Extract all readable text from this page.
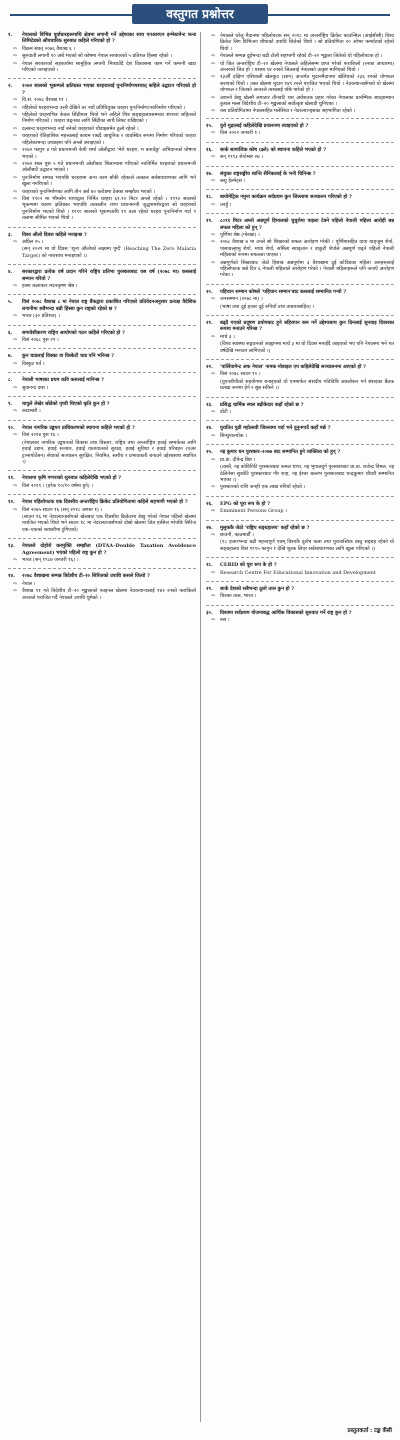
वस्तुगत प्रश्नोत्तर
१.	नेपालको विभिन्न पूर्वाधारहरूमाथि क्षेत्रमा लगानी गर्ने उद्देश्यका साथ एनआरएन इन्भेस्टमेन्ट फन्ड लिमिटेडको औपचारिक सुरुवात कहिले गरिएको हो ?
⇨	विक्रम संवत् २०७६ वैशाख ६ ।
⇨	सुरुवाती लगानी १० अर्ब भएको सो कोषमा नेपाल सरकारको ५ प्रतिशत हिस्सा रहेको ।
⇨	नेपाल सरकारको सहकार्यमा सामुहिक लगानी भित्र्याउँदै देश विकासमा काम गर्ने कम्पनी खडा गरिएको जनाइएको ।
२.	२०७२ सालको भूकम्पले क्षतिग्रस्त भएका धरहरालाई पुनःनिर्माणपश्चात् कहिले उद्घाटन गरिएको हो ?
⇨	वि.सं. २०७८ वैशाख ११ ।
⇨	पहिलेको धरहराभन्दा उत्तरै देखिने तर नयाँ प्रविधियुक्त धरहरा पुनःनिर्माण/नवनिर्माण गरिएको ।
⇨	पहिलेको धरहराभित्र केवल सिँढीमात्र थियो भने अहिले भित्र सङ्ग्रहालयसम्मका संरचना सहितको निर्माण गरिएको । धरहरा चढ्नका लागि सिँढीका साथै लिफ्ट राखिएको ।
⇨	दलबन्द धरहराभन्दा नयाँ बनेको धरहराको चौडाइसमेत ठूलो रहेको ।
⇨	धरहराको ऐतिहासिक महत्त्वलाई कायम राख्दै आधुनिक र व्यवस्थित रूपमा निर्माण गरिएको धरहरा पहिलेकाभन्दा उच्चाइमा पनि अग्लो बनाइएको ।
⇨	२०७२ फागुन ४ गते प्रधानमन्त्री केपी शर्मा ओलीद्वारा 'मेरो धरहरा, म बनाउँछु' अभियानको घोषणा भएको ।
⇨	२०७२ साल पुस ५ गते प्रधानमन्त्री ओलीबाट शिलान्यास गरिएको नवनिर्मित धरहराको प्रधानमन्त्री ओलीबाटै उद्घाटन भएको ।
⇨	पुनःनिर्माण सम्पन्न भएपछि धरहरामा अन्य काम बाँकी रहेकाले तत्काल सर्वसाधारणका लागि भने खुला नगरिएको ।
⇨	धरहराको पुनःनिर्माणका लागि तीन अर्ब ४० करोडमा ठेक्का सम्झौता भएको ।
⇨	विसं १९०२ मा भीमसेन थापाद्वारा निर्मित धरहरा ६१.९० मिटर अग्लो रहेको । १९९० सालको भूकम्पमा कारण क्षतिग्रस्त भएपछि तत्कालीन राणा प्रधानमन्त्री जुद्धशमशेरद्वारा सो धरहराको पुनःनिर्माण भएको थियो । १९९० सालको भूकम्पअघि ११ तला रहेको धरहरा पुनःनिर्माण गर्दा ९ तलामा सीमित भएको थियो ।
३.	विश्व औलो दिवस कहिले मनाइन्छ ?
⇨	अप्रिल २५ ।
(सन् २०२१ मा यो दिवस 'शून्य औलोको लक्ष्यमा पुग्दै' (Reaching The Zero Malaria Target) को नारासाथ मनाइएको ।)
४.	सरकारद्वारा प्रत्येक वर्ष प्रदान गरिने राष्ट्रिय प्रतिभा पुरस्कारबाट यस वर्ष (२०७८ मा) कसलाई सम्मान गरियो ?
⇨	हास्य कलाकार मदनकृष्ण श्रेष्ठ ।
५.	विसं २०७८ वैशाख ८ मा नेपाल राष्ट्र बैंकद्वारा प्रकाशित गरिएको प्रतिवेदनअनुसार प्रत्यक्ष वैदेशिक लगानीमा सबैभन्दा बढी हिस्सा कुन राष्ट्रको रहेको छ ?
⇨	भारत (३० प्रतिशत) ।
६.	समावेशीकरण राष्ट्रिय आयोगको गठन कहिले गरिएको हो ?
⇨	विसं २०६८ पुस २९ ।
७.	कुन चाडलाई विक्का वा विस्केटी चाड पनि भनिन्छ ?
⇨	विस्कुट पर्व ।
८.	नेपाली भाषाका प्रथम कवि कसलाई मानिन्छ ?
⇨	सुवानन्द दास ।
९.	थापुले लेखेर छोडेको पृथ्वी थिएको कृति कुन हो ?
⇨	कादम्बरी ।
१०.	नेपाल नागरिक उड्डयन प्राधिकरणको स्थापना कहिले भएको हो ?
⇨	विसं २०१४ पुस १६ ।
(नेपालका नागरिक उड्डयनको विकास तथा विस्तार, राष्ट्रिय तथा अन्तर्राष्ट्रिय हवाई सम्पर्कका लागि हवाई उडान, हवाई सञ्चार, हवाई यातायातको सुरक्षा, हवाई सुविधा र हवाई परिवहन (एअर ट्रान्सपोर्टेसन) सेवाको सञ्चालन सुरक्षित, नियमित, स्तरीय र प्रभावकारी बनाउने उद्देश्यसाथ स्थापित ।)
११.	नेपालमा कृषि गणनाको सुरुवात कहिलेदेखि भएको हो ?
⇨	विसं २०१९ । (हरेक १०/१० वर्षमा हुने) ।
१२.	नेपाल पहिलोपटक एक दिवसीय अन्तर्राष्ट्रिय क्रिकेट प्रतियोगितामा कहिले सहभागी भएको हो ?
⇨	विसं २०७५ साउन १६ (सन् २०१८ अगस्ट १) ।
(साउन १६ मा नेदरल्यान्डसँगको खेलबाट एक दिवसीय क्रिकेटमा डेब्यु गरेको नेपाल पहिलो खेलमा पराजित भएको थियो भने साउन १८ मा नेदरल्यान्डसँगको दोस्रो खेलमा जित हासिल गरेपछि सिरिज एक–एकको बराबरीमा टुंगिएको)
१३.	नेपालले दोहोरो करमुक्ति सम्झौता (DTAA–Double Taxation Avoidence Agreement) भएको पहिलो राष्ट्र कुन हो ?
⇨	भारत (सन् १९८७ जनवरी १६) ।
१४.	२०७८ वैशाखमा सम्पन्न त्रिदेशीय टी–२० सिरिजको उपाधि कसले जित्यो ?
⇨	नेपाल ।
⇨	वैशाख ११ गते त्रिदेशीय टी–२० शृङ्खलाको फाइनल खेलमा नेदरल्यान्डलाई १४२ रनको फराकिलो अन्तरले पराजित गर्दै नेपालले उपाधि चुमेको ।
⇨	नेपालले घरेलु मैदानमा पहिलोपटक सन् २०१८ मा अन्तर्राष्ट्रिय क्रिकेट काउन्सिल (आईसीसी) विश्व क्रिकेट लिग डिभिजन चौथाको उपाधि जितेको थियो । सो प्रतियोगिता २० ओभर फर्म्याटको रहेको थियो ।
⇨	नेपालले सम्पन्न दुईभन्दा बढी टोली सहभागी रहेको टी–२० शृङ्खला जितेको यो पहिलोपटक हो ।
⇨	यो जित अन्तर्राष्ट्रिय टी–२० खेलमा नेपालले अहिलेसम्म प्राप्त गरेको फराकिलो (रनका आधारमा) अन्तरको जित हो । यसमा ९४ रनको जितलाई नेपालको उत्कृष्ट मानिएको थियो ।
⇨	१३औँ दक्षिण एसियाली खेलकुद (साग) अन्तर्गत मुदानमैदानमा खेलिएको २३६ रनको योगफल बनाएको थियो । उक्त खेलमा मुदान १४९ रनले पराजित भएको थियो । नेदरल्यान्डसँगको यो खेलमा योगफल र जितको अन्तरले त्यसलाई पछि पारेको हो ।
⇨	आफ्नो डेब्यु खेलमै लगातार तीनवटि चार अर्धशतक प्रहार गरेका नेपालका प्रारम्भिक ब्याट्सम्यान कुशल मल्ल त्रिदेशीय टी–२० शृङ्खलाको सर्वोत्कृष्ट खेलाडी चुनिएका ।
⇨	यस प्रतियोगितामा नेपालसहित मलेसिया र नेदरल्यान्ड्सका सहभागिता रहेको ।
१५.	युरो मुद्रालाई कहिलेदेखि प्रचलनमा ल्याइएको हो ?
⇨	वि‍सं २००२ जनवरी १ ।
१६.	सार्क सामाजिक कोष (क्ष्ले) को स्थापना कहिले भएको हो ?
⇨	सन् १९९३ सेप्टेम्बर २७ ।
१७.	संयुक्त राष्ट्रसङ्घीय शान्ति सैनिकलाई के भनी चिनिन्छ ?
⇨	ब्ल्यु हेल्मेट्स ।
१८.	बायोमेट्रिक नमुना कार्यक्रम सर्वप्रथम कुन जिल्लामा सञ्चालन गरिएको हो ?
⇨	तनहुँ ।
१९.	८०९१ मिटर अग्लो अन्नपूर्ण हिमालको चुचुरोमा पाइला टेक्ने पहिलो नेपाली महिला आरोही बन्न सफल महिला को हुन् ?
⇨	पूर्णिमा श्रेष्ठ (गोरखा) ।
⇨	२०७८ वैशाख ७ मा उनले सो शिखरको सफल आरोहण गरेकी । पूर्णिमासहित दावा याङ्जुम शेर्पा, पासाङल्हामु शेर्पा, माया शेर्पा, सर्मिला स्याङ्तान र डाकुटी शेर्पाले अन्नपूर्ण चढ्ने पहिलो नेपाली महिलाको रूपमा सफलता पाएका ।
⇨	अन्नपूर्णको सिखरबाट जेठो हिसाब अन्नपूर्णमा ३ वैशाखमा दुई कोविडका महिला अरुहरूलाई पहिलोपटक सन्ने दिन ६ नेपाली महिलाले आरोहण गरेको । नेपाली महिलाहरूले पनि जनाएँ आरोहण गरेका ।
२०.	पहिचान सम्मान कोषले 'पहिचान सम्मान'बाट कसलाई सम्मानित गर्‍यो ?
⇨	जनसम्मान (२०७८ मा) ।
(भाषा तथा दुई हजार दुई रुपियाँ तथा ताम्रपत्रसहित) ।
२१.	बढ्दै गएको प्रदूषण प्रयोगबाट हुने बहिरापन कम गर्ने उद्देश्यसाथ कुन दिनलाई सुनवाइ दिवसका रूपमा मनाउने गरिन्छ ?
⇨	मार्च ३ ।
(विश्व स्वास्थ्य सङ्गठनको आह्वानमा मार्च ३ मा यो दिवस मनाइँदै आइएको भए पनि नेपालमा भने गत वर्षदेखि मनाउन लागिएको ।)
२२.	'पार्लियामेन्ट अफ नेपाल' नामक मोबाइल एप कहिलेदेखि सञ्चालनमा आएको हो ?
⇨	विसं २०७८ साउन १० ।
(युएनडीपीको सहयोगमा बनाइएको यो एपमार्फत संसदीय गतिविधि अवलोकन गर्न संसदका बैठक प्रत्यक्ष रूपमा हेर्न र सुन्न सकिने ।)
२३.	प्रसिद्ध धार्मिक स्थल बद्रीकेदार कहाँ रहेको छ ?
⇨	डोटी ।
२४.	पुरातित गुढी महोत्सवी जिल्लामा पर्दा भने दुनुनगाउँ कहाँ पर्छ ?
⇨	सिन्धुपाल्चोक ।
२५.	नइ कुमार धन पुरस्कार–२०७७ बाट सम्मानित हुने व्यक्तित्व को हुन् ?
⇨	प्रा.डा. दीपेन्द्र बिष्ट ।
(त्यस्तै, नइ कोविनिटि पुरस्कारबाट कमल थापा, नइ भूपालदूर्ग पुरस्कारबाट प्रा.डा. राजेन्द्र विमल, नइ ठेलिनेसा सुकोटि पुरस्कारबाट गौर शाह, नइ ईश्वर बल्लभ पुरस्कारबाट चन्द्रकुमार चौधरी सम्मानित भएका ।)
⇨	पुरस्कारको राशि जनही एक लाख रुपियाँ रहेको ।
२६.	EPG को पूरा रूप के हो ?
⇨	Emminent Persons Group ।
२७.	मुलुककै जेठो 'राष्ट्रिय सङ्ग्रहालय' कहाँ रहेको छ ?
⇨	छाउनी, काठमाडौँ ।
(१८ हजारभन्दा बढी महत्त्वपूर्ण एवम् विश्वकै दुर्लभ कला तथा पुरातात्त्विक वस्तु सङ्ग्रह रहेको यो सङ्ग्रहालय विसं १९९५ फागुन १ देखि शुल्क लिएर सर्वसाधारणका लागि खुला गरिएको ।)
२८.	CERID को पूरा रूप के हो ?
⇨	Research Centre For Educational Innovation and Development
२९.	सार्क देशको सबैभन्दा ठूलो ताल कुन हो ?
⇨	चिल्का ताल, भारत ।
३०.	विश्वमा सर्वप्रथम योजनाबद्ध आर्थिक विकासको सुरुवात गर्ने राष्ट्र कुन हो ?
⇨	रुस ।
प्रस्तुतकर्ता : टङ्क कँसी
